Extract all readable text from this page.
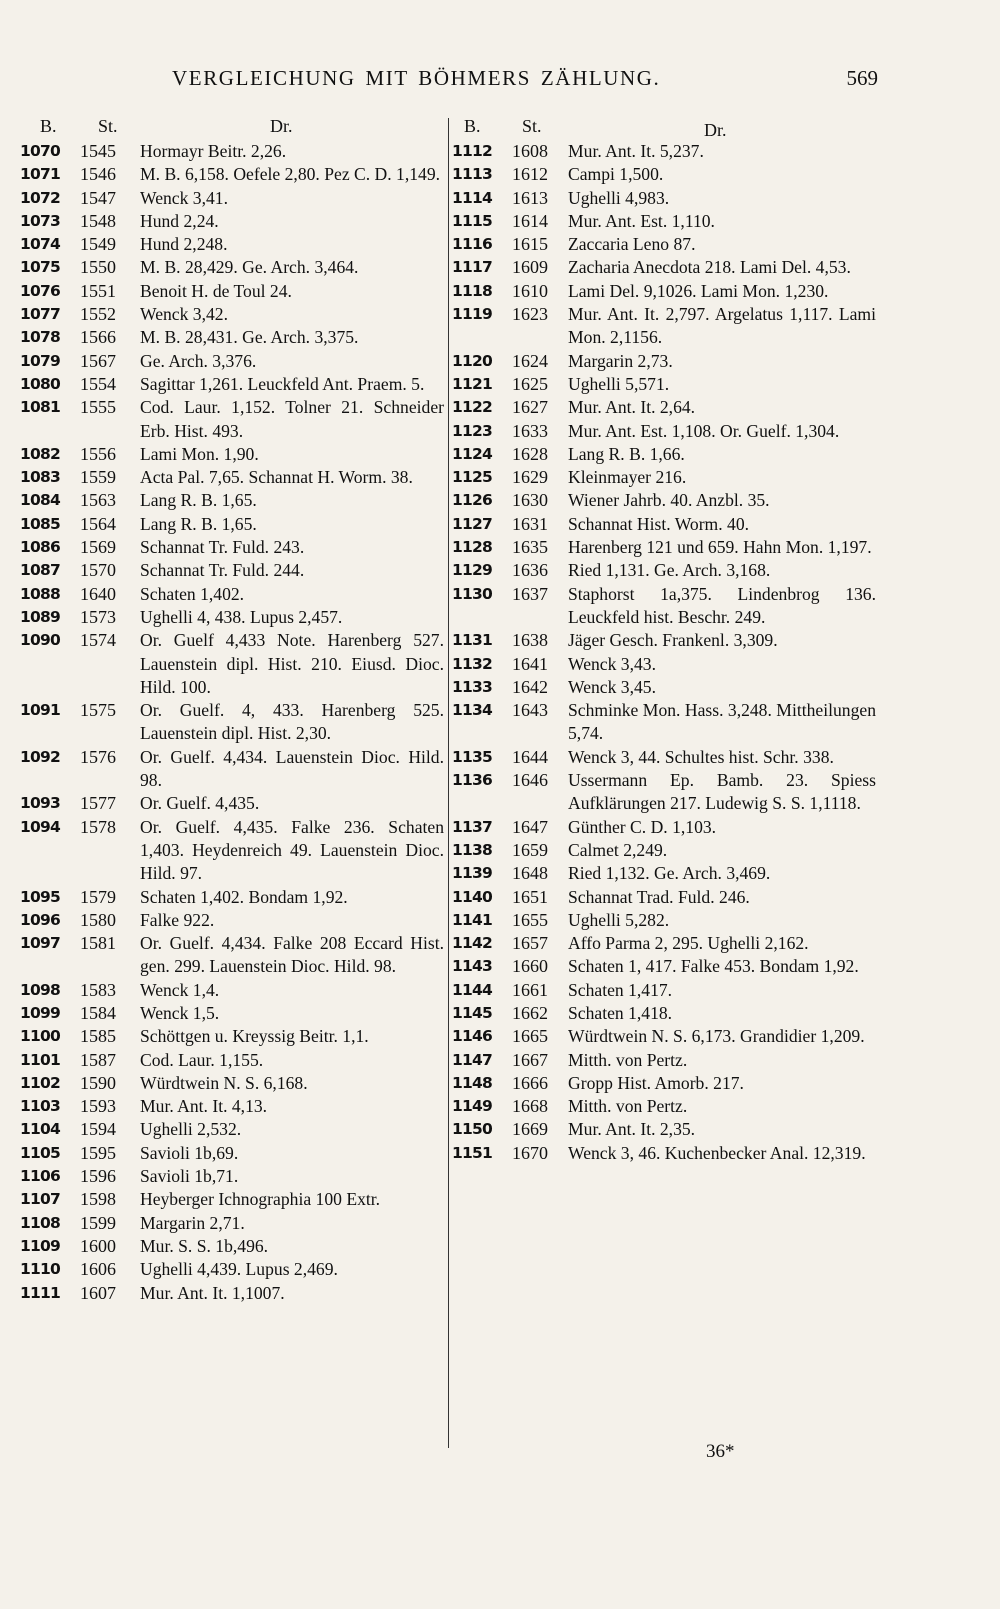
VERGLEICHUNG MIT BÖHMERS ZÄHLUNG.	569
B. St.	Dr.
1070	1545	Hormayr Beitr. 2,26.
1071	1546	M. B. 6,158. Oefele 2,80. Pez C. D. 1,149.
1072	1547	Wenck 3,41.
1073	1548	Hund 2,24.
1074	1549	Hund 2,248.
1075	1550	M. B. 28,429. Ge. Arch. 3,464.
1076	1551	Benoit H. de Toul 24.
1077	1552	Wenck 3,42.
1078	1566	M. B. 28,431. Ge. Arch. 3,375.
1079	1567	Ge. Arch. 3,376.
1080	1554	Sagittar 1,261. Leuckfeld Ant. Praem. 5.
1081	1555	Cod. Laur. 1,152. Tolner 21. Schneider Erb. Hist. 493.
1082	1556	Lami Mon. 1,90.
1083	1559	Acta Pal. 7,65. Schannat H. Worm. 38.
1084	1563	Lang R. B. 1,65.
1085	1564	Lang R. B. 1,65.
1086	1569	Schannat Tr. Fuld. 243.
1087	1570	Schannat Tr. Fuld. 244.
1088	1640	Schaten 1,402.
1089	1573	Ughelli 4, 438. Lupus 2,457.
1090	1574	Or. Guelf 4,433 Note. Harenberg 527. Lauenstein dipl. Hist. 210. Eiusd. Dioc. Hild. 100.
1091	1575	Or. Guelf. 4, 433. Harenberg 525. Lauenstein dipl. Hist. 2,30.
1092	1576	Or. Guelf. 4,434. Lauenstein Dioc. Hild. 98.
1093	1577	Or. Guelf. 4,435.
1094	1578	Or. Guelf. 4,435. Falke 236. Schaten 1,403. Heydenreich 49. Lauenstein Dioc. Hild. 97.
1095	1579	Schaten 1,402. Bondam 1,92.
1096	1580	Falke 922.
1097	1581	Or. Guelf. 4,434. Falke 208 Eccard Hist. gen. 299. Lauenstein Dioc. Hild. 98.
1098	1583	Wenck 1,4.
1099	1584	Wenck 1,5.
1100	1585	Schöttgen u. Kreyssig Beitr. 1,1.
1101	1587	Cod. Laur. 1,155.
1102	1590	Würdtwein N. S. 6,168.
1103	1593	Mur. Ant. It. 4,13.
1104	1594	Ughelli 2,532.
1105	1595	Savioli 1b,69.
1106	1596	Savioli 1b,71.
1107	1598	Heyberger Ichnographia 100 Extr.
1108	1599	Margarin 2,71.
1109	1600	Mur. S. S. 1b,496.
1110	1606	Ughelli 4,439. Lupus 2,469.
1111	1607	Mur. Ant. It. 1,1007.
B. St.	Dr.
1112	1608	Mur. Ant. It. 5,237.
1113	1612	Campi 1,500.
1114	1613	Ughelli 4,983.
1115	1614	Mur. Ant. Est. 1,110.
1116	1615	Zaccaria Leno 87.
1117	1609	Zacharia Anecdota 218. Lami Del. 4,53.
1118	1610	Lami Del. 9,1026. Lami Mon. 1,230.
1119	1623	Mur. Ant. It. 2,797. Argelatus 1,117. Lami Mon. 2,1156.
1120	1624	Margarin 2,73.
1121	1625	Ughelli 5,571.
1122	1627	Mur. Ant. It. 2,64.
1123	1633	Mur. Ant. Est. 1,108. Or. Guelf. 1,304.
1124	1628	Lang R. B. 1,66.
1125	1629	Kleinmayer 216.
1126	1630	Wiener Jahrb. 40. Anzbl. 35.
1127	1631	Schannat Hist. Worm. 40.
1128	1635	Harenberg 121 und 659. Hahn Mon. 1,197.
1129	1636	Ried 1,131. Ge. Arch. 3,168.
1130	1637	Staphorst 1a,375. Lindenbrog 136. Leuckfeld hist. Beschr. 249.
1131	1638	Jäger Gesch. Frankenl. 3,309.
1132	1641	Wenck 3,43.
1133	1642	Wenck 3,45.
1134	1643	Schminke Mon. Hass. 3,248. Mittheilungen 5,74.
1135	1644	Wenck 3, 44. Schultes hist. Schr. 338.
1136	1646	Ussermann Ep. Bamb. 23. Spiess Aufklärungen 217. Ludewig S. S. 1,1118.
1137	1647	Günther C. D. 1,103.
1138	1659	Calmet 2,249.
1139	1648	Ried 1,132. Ge. Arch. 3,469.
1140	1651	Schannat Trad. Fuld. 246.
1141	1655	Ughelli 5,282.
1142	1657	Affo Parma 2, 295. Ughelli 2,162.
1143	1660	Schaten 1, 417. Falke 453. Bondam 1,92.
1144	1661	Schaten 1,417.
1145	1662	Schaten 1,418.
1146	1665	Würdtwein N. S. 6,173. Grandidier 1,209.
1147	1667	Mitth. von Pertz.
1148	1666	Gropp Hist. Amorb. 217.
1149	1668	Mitth. von Pertz.
1150	1669	Mur. Ant. It. 2,35.
1151	1670	Wenck 3, 46. Kuchenbecker Anal. 12,319.
36*
